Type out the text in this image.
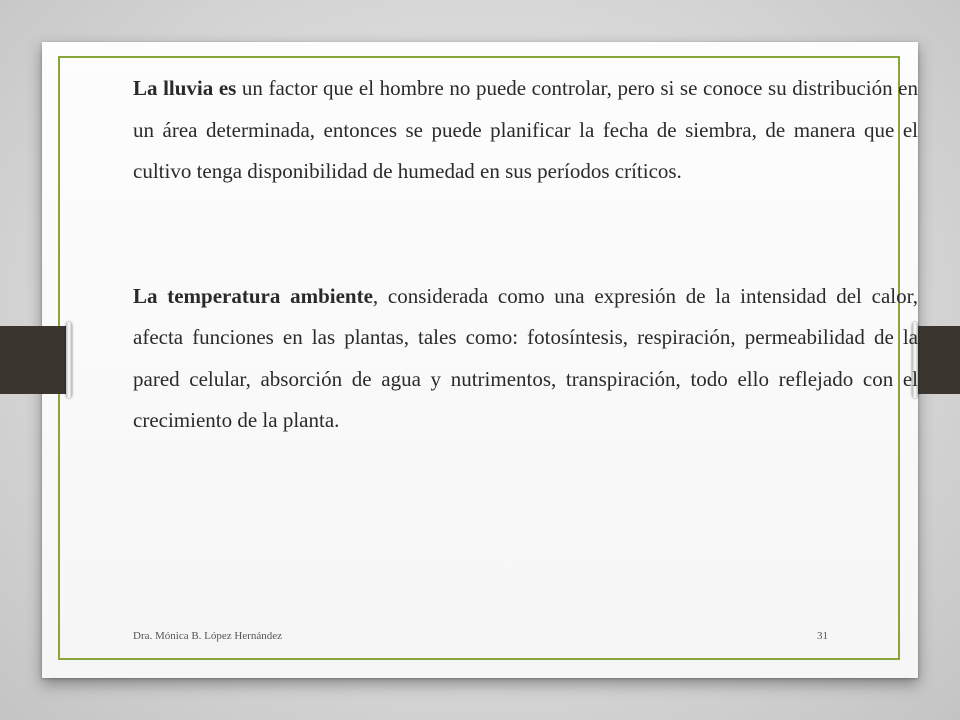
La lluvia es un factor que el hombre no puede controlar, pero si se conoce su distribución en un área determinada, entonces se puede planificar la fecha de siembra, de manera que el cultivo tenga disponibilidad de humedad en sus períodos críticos.

La temperatura ambiente, considerada como una expresión de la intensidad del calor, afecta funciones en las plantas, tales como: fotosíntesis, respiración, permeabilidad de la pared celular, absorción de agua y nutrimentos, transpiración, todo ello reflejado con el crecimiento de la planta.

Dra. Mónica B. López Hernández	31
